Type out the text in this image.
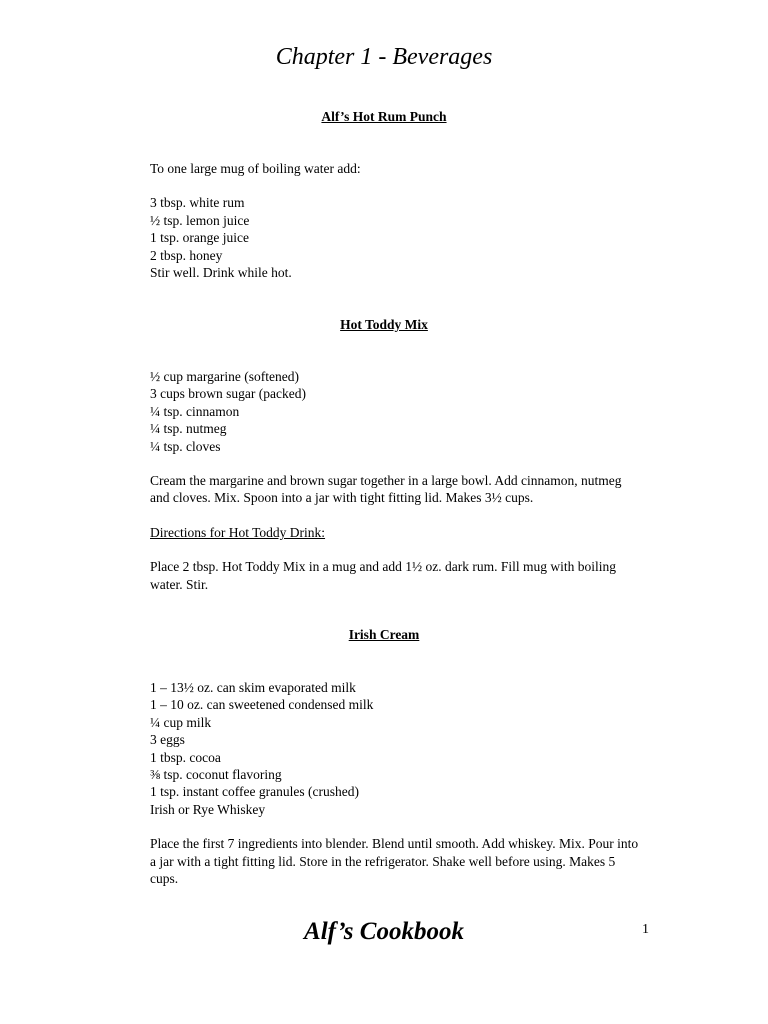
Chapter 1 - Beverages
Alf’s Hot Rum Punch
To one large mug of boiling water add:
3 tbsp. white rum
½ tsp. lemon juice
1 tsp. orange juice
2 tbsp. honey
Stir well. Drink while hot.
Hot Toddy Mix
½ cup margarine (softened)
3 cups brown sugar (packed)
¼ tsp. cinnamon
¼ tsp. nutmeg
¼ tsp. cloves
Cream the margarine and brown sugar together in a large bowl. Add cinnamon, nutmeg and cloves. Mix. Spoon into a jar with tight fitting lid. Makes 3½ cups.
Directions for Hot Toddy Drink:
Place 2 tbsp. Hot Toddy Mix in a mug and add 1½ oz. dark rum. Fill mug with boiling water. Stir.
Irish Cream
1 – 13½ oz. can skim evaporated milk
1 – 10 oz. can sweetened condensed milk
¼ cup milk
3 eggs
1 tbsp. cocoa
⅜ tsp. coconut flavoring
1 tsp. instant coffee granules (crushed)
Irish or Rye Whiskey
Place the first 7 ingredients into blender. Blend until smooth. Add whiskey. Mix. Pour into a jar with a tight fitting lid. Store in the refrigerator. Shake well before using. Makes 5 cups.
Alf’s Cookbook	1
